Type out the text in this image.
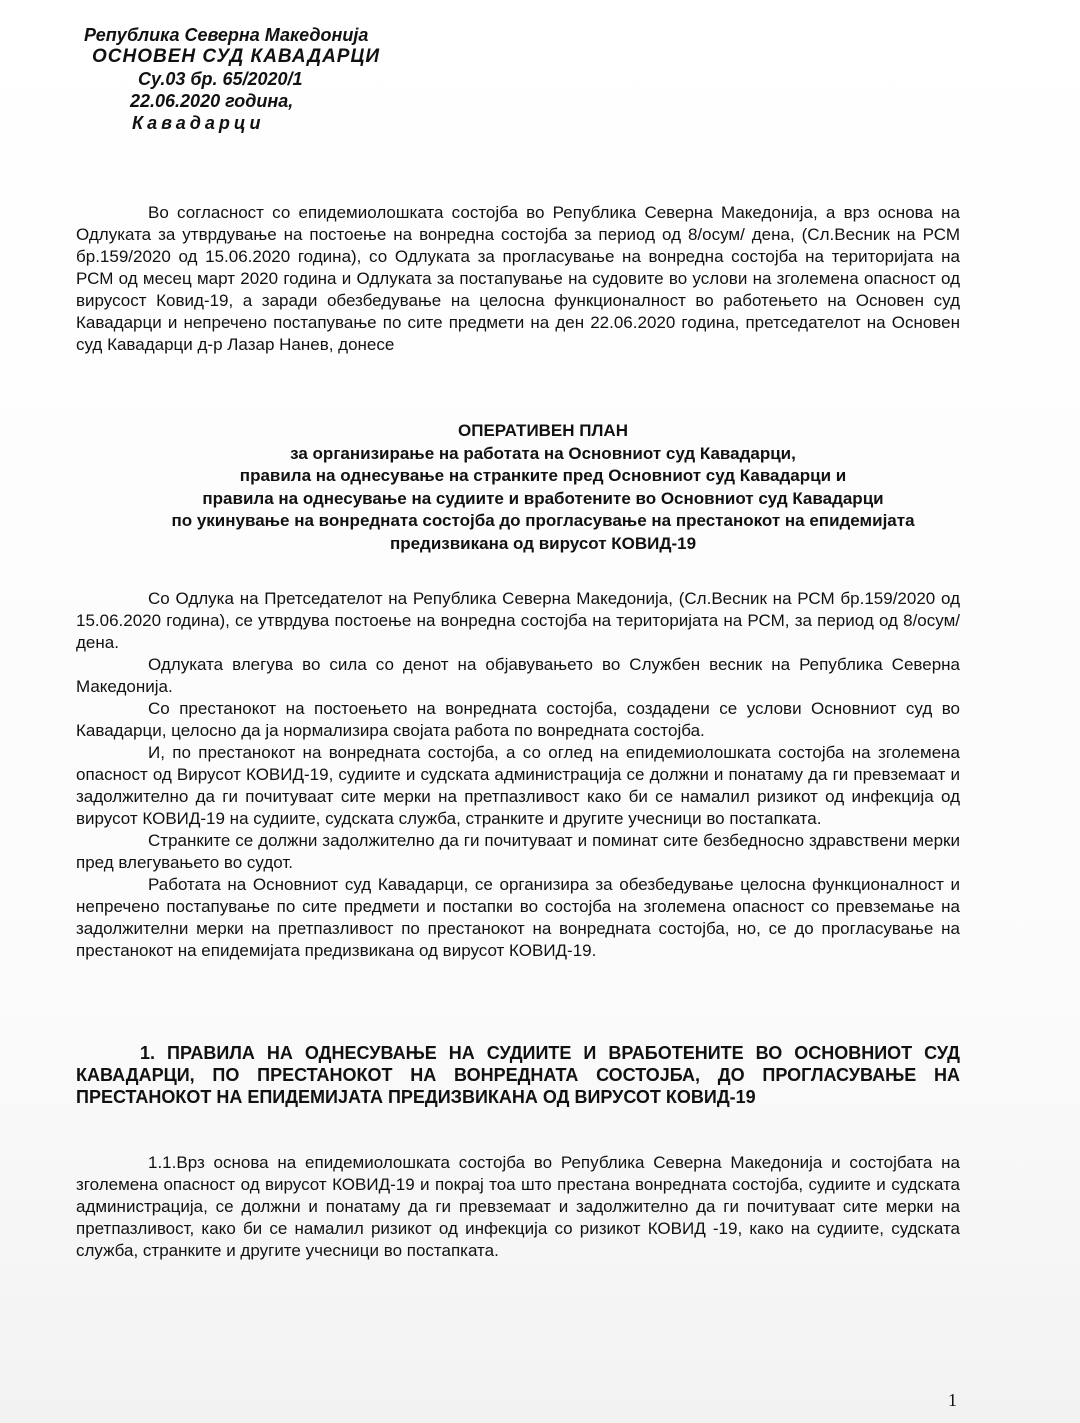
Република Северна Македонија
ОСНОВЕН СУД КАВАДАРЦИ
Су.03 бр. 65/2020/1
22.06.2020 година,
Кавадарци

Во согласност со епидемиолошката состојба во Република Северна Македонија, а врз основа на Одлуката за утврдување на постоење на вонредна состојба за период од 8/осум/ дена, (Сл.Весник на РСМ бр.159/2020 од 15.06.2020 година), со Одлуката за прогласување на вонредна состојба на територијата на РСМ од месец март 2020 година и Одлуката за постапување на судовите во услови на зголемена опасност од вирусост Ковид-19, а заради обезбедување на целосна функционалност во работењето на Основен суд Кавадарци и непречено постапување по сите предмети на ден 22.06.2020 година, претседателот на Основен суд Кавадарци д-р Лазар Нанев, донесе

ОПЕРАТИВЕН ПЛАН
за организирање на работата на Основниот суд Кавадарци,
правила на однесување на странките пред Основниот суд Кавадарци и
правила на однесување на судиите и вработените во Основниот суд Кавадарци
по укинување на вонредната состојба до прогласување на престанокот на епидемијата
предизвикана од вирусот КОВИД-19

Со Одлука на Претседателот на Република Северна Македонија, (Сл.Весник на РСМ бр.159/2020 од 15.06.2020 година), се утврдува постоење на вонредна состојба на територијата на РСМ, за период од 8/осум/ дена.

Одлуката влегува во сила со денот на објавувањето во Службен весник на Република Северна Македонија.

Со престанокот на постоењето на вонредната состојба, создадени се услови Основниот суд во Кавадарци, целосно да ја нормализира својата работа по вонредната состојба.

И, по престанокот на вонредната состојба, а со оглед на епидемиолошката состојба на зголемена опасност од Вирусот КОВИД-19, судиите и судската администрација се должни и понатаму да ги превземаат и задолжително да ги почитуваат сите мерки на претпазливост како би се намалил ризикот од инфекција од вирусот КОВИД-19 на судиите, судската служба, странките и другите учесници во постапката.

Странките се должни задолжително да ги почитуваат и поминат сите безбедносно здравствени мерки пред влегувањето во судот.

Работата на Основниот суд Кавадарци, се организира за обезбедување целосна функционалност и непречено постапување по сите предмети и постапки во состојба на зголемена опасност со превземање на задолжителни мерки на претпазливост по престанокот на вонредната состојба, но, се до прогласување на престанокот на епидемијата предизвикана од вирусот КОВИД-19.

1. ПРАВИЛА НА ОДНЕСУВАЊЕ НА СУДИИТЕ И ВРАБОТЕНИТЕ ВО ОСНОВНИОТ СУД КАВАДАРЦИ, ПО ПРЕСТАНОКОТ НА ВОНРЕДНАТА СОСТОЈБА, ДО ПРОГЛАСУВАЊЕ НА ПРЕСТАНОКОТ НА ЕПИДЕМИЈАТА ПРЕДИЗВИКАНА ОД ВИРУСОТ КОВИД-19

1.1.Врз основа на епидемиолошката состојба во Република Северна Македонија и состојбата на зголемена опасност од вирусот КОВИД-19 и покрај тоа што престана вонредната состојба, судиите и судската администрација, се должни и понатаму да ги превземаат и задолжително да ги почитуваат сите мерки на претпазливост, како би се намалил ризикот од инфекција со ризикот КОВИД -19, како на судиите, судската служба, странките и другите учесници во постапката.

1
